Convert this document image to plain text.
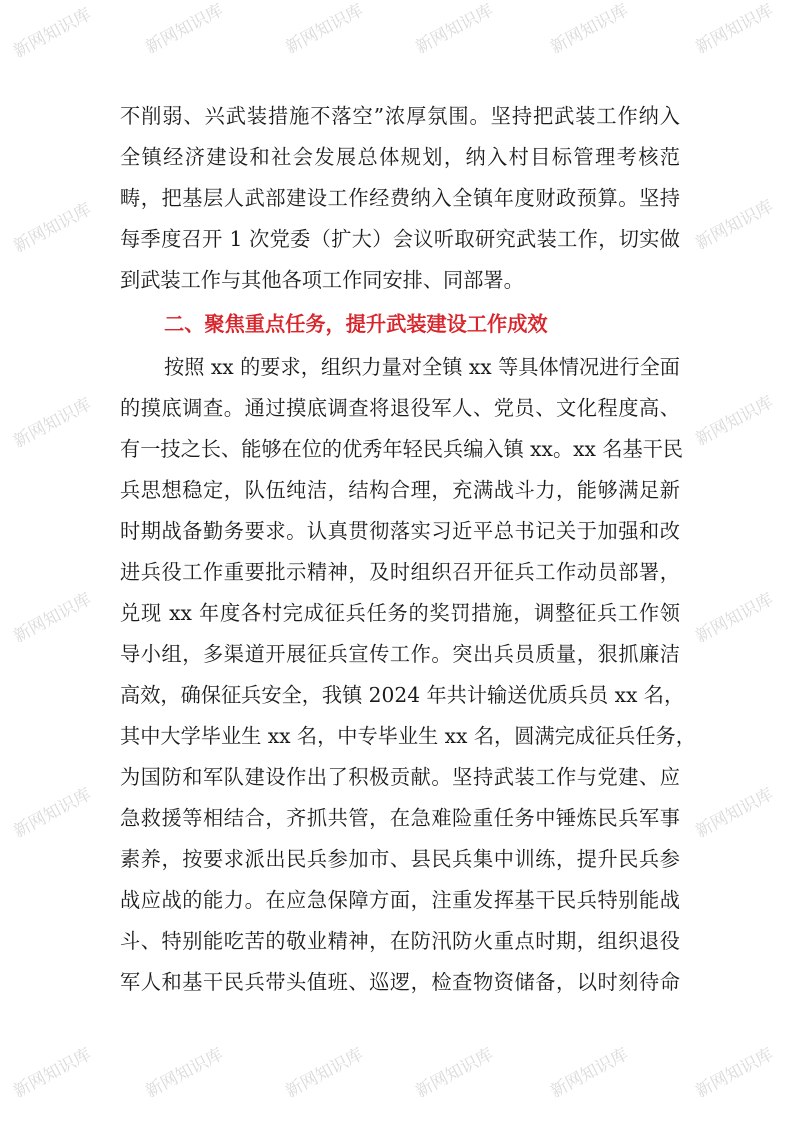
新网知识库	新网知识库	新网知识库	新网知识库	新网知识库	新网知识库
新网知识库	新网知识库
新网知识库	新网知识库
新网知识库	新网知识库
新网知识库	新网知识库
新网知识库	新网知识库	新网知识库	新网知识库	新网知识库	新网知识库
不削弱、兴武装措施不落空”浓厚氛围。坚持把武装工作纳入
全镇经济建设和社会发展总体规划，纳入村目标管理考核范
畴，把基层人武部建设工作经费纳入全镇年度财政预算。坚持
每季度召开 1 次党委（扩大）会议听取研究武装工作，切实做
到武装工作与其他各项工作同安排、同部署。
二、聚焦重点任务，提升武装建设工作成效
按照 xx 的要求，组织力量对全镇 xx 等具体情况进行全面
的摸底调查。通过摸底调查将退役军人、党员、文化程度高、
有一技之长、能够在位的优秀年轻民兵编入镇 xx。xx 名基干民
兵思想稳定，队伍纯洁，结构合理，充满战斗力，能够满足新
时期战备勤务要求。认真贯彻落实习近平总书记关于加强和改
进兵役工作重要批示精神，及时组织召开征兵工作动员部署，
兑现 xx 年度各村完成征兵任务的奖罚措施，调整征兵工作领
导小组，多渠道开展征兵宣传工作。突出兵员质量，狠抓廉洁
高效，确保征兵安全，我镇 2024 年共计输送优质兵员 xx 名，
其中大学毕业生 xx 名，中专毕业生 xx 名，圆满完成征兵任务，
为国防和军队建设作出了积极贡献。坚持武装工作与党建、应
急救援等相结合，齐抓共管，在急难险重任务中锤炼民兵军事
素养，按要求派出民兵参加市、县民兵集中训练，提升民兵参
战应战的能力。在应急保障方面，注重发挥基干民兵特别能战
斗、特别能吃苦的敬业精神，在防汛防火重点时期，组织退役
军人和基干民兵带头值班、巡逻，检查物资储备，以时刻待命
